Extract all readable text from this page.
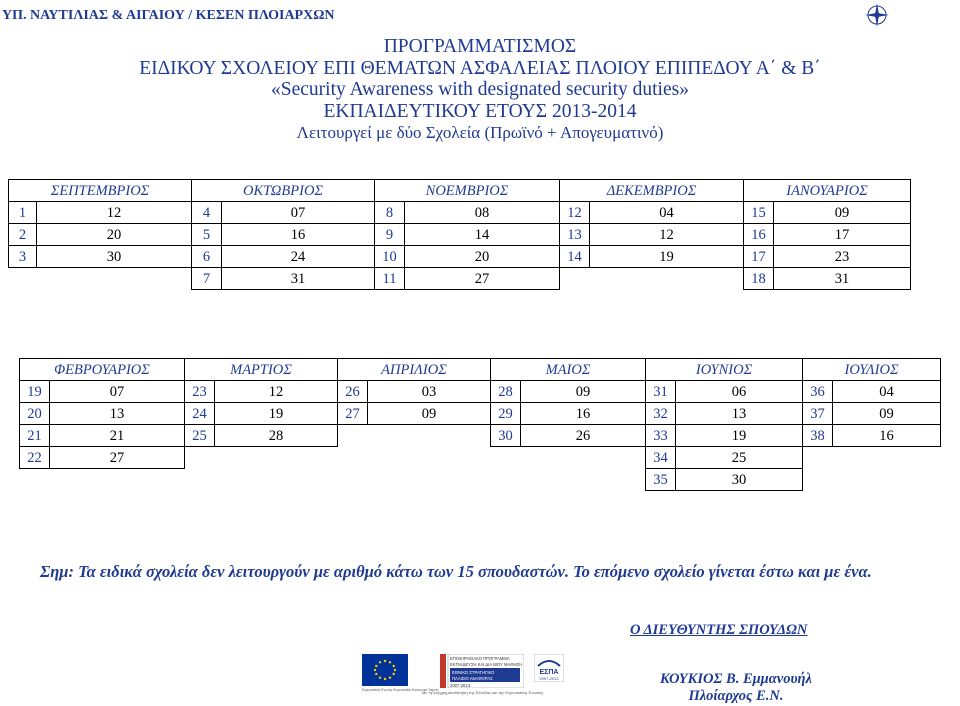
ΥΠ. ΝΑΥΤΙΛΙΑΣ & ΑΙΓΑΙΟΥ / ΚΕΣΕΝ ΠΛΟΙΑΡΧΩΝ
ΠΡΟΓΡΑΜΜΑΤΙΣΜΟΣ
ΕΙΔΙΚΟΥ ΣΧΟΛΕΙΟΥ ΕΠΙ ΘΕΜΑΤΩΝ ΑΣΦΑΛΕΙΑΣ ΠΛΟΙΟΥ ΕΠΙΠΕΔΟΥ Α΄ & Β΄
«Security Awareness with designated security duties»
ΕΚΠΑΙΔΕΥΤΙΚΟΥ ΕΤΟΥΣ 2013-2014
Λειτουργεί με δύο Σχολεία (Πρωϊνό + Απογευματινό)
ΣΕΠΤΕΜΒΡΙΟΣ		ΟΚΤΩΒΡΙΟΣ		ΝΟΕΜΒΡΙΟΣ		ΔΕΚΕΜΒΡΙΟΣ		ΙΑΝΟΥΑΡΙΟΣ	
1	12	4	07	8	08	12	04	15	09
2	20	5	16	9	14	13	12	16	17
3	30	6	24	10	20	14	19	17	23
		7	31	11	27			18	31
ΦΕΒΡΟΥΑΡΙΟΣ		ΜΑΡΤΙΟΣ		ΑΠΡΙΛΙΟΣ		ΜΑΙΟΣ		ΙΟΥΝΙΟΣ		ΙΟΥΛΙΟΣ	
19	07	23	12	26	03	28	09	31	06	36	04
20	13	24	19	27	09	29	16	32	13	37	09
21	21	25	28			30	26	33	19	38	16
22	27							34	25		
								35	30		
Σημ: Τα ειδικά σχολεία δεν λειτουργούν με αριθμό κάτω των 15 σπουδαστών. Το επόμενο σχολείο γίνεται έστω και με ένα.
Ο ΔΙΕΥΘΥΝΤΗΣ ΣΠΟΥΔΩΝ
ΚΟΥΚΙΟΣ Β. Εμμανουήλ
Πλοίαρχος Ε.Ν.
Ευρωπαϊκή Ένωση Ευρωπαϊκό Κοινωνικό Ταμείο
ΕΠΙΧΕΙΡΗΣΙΑΚΟ ΠΡΟΓΡΑΜΜΑ
ΕΚΠΑΙΔΕΥΣΗ ΚΑΙ ΔΙΑ ΒΙΟΥ ΜΑΘΗΣΗ
ΕΘΝΙΚΟ ΣΤΡΑΤΗΓΙΚΟ
ΠΛΑΙΣΙΟ ΑΝΑΦΟΡΑΣ
2007-2013
Με τη συγχρηματοδότηση της Ελλάδας και της Ευρωπαϊκής Ένωσης
ΕΣΠΑ
2007-2013
